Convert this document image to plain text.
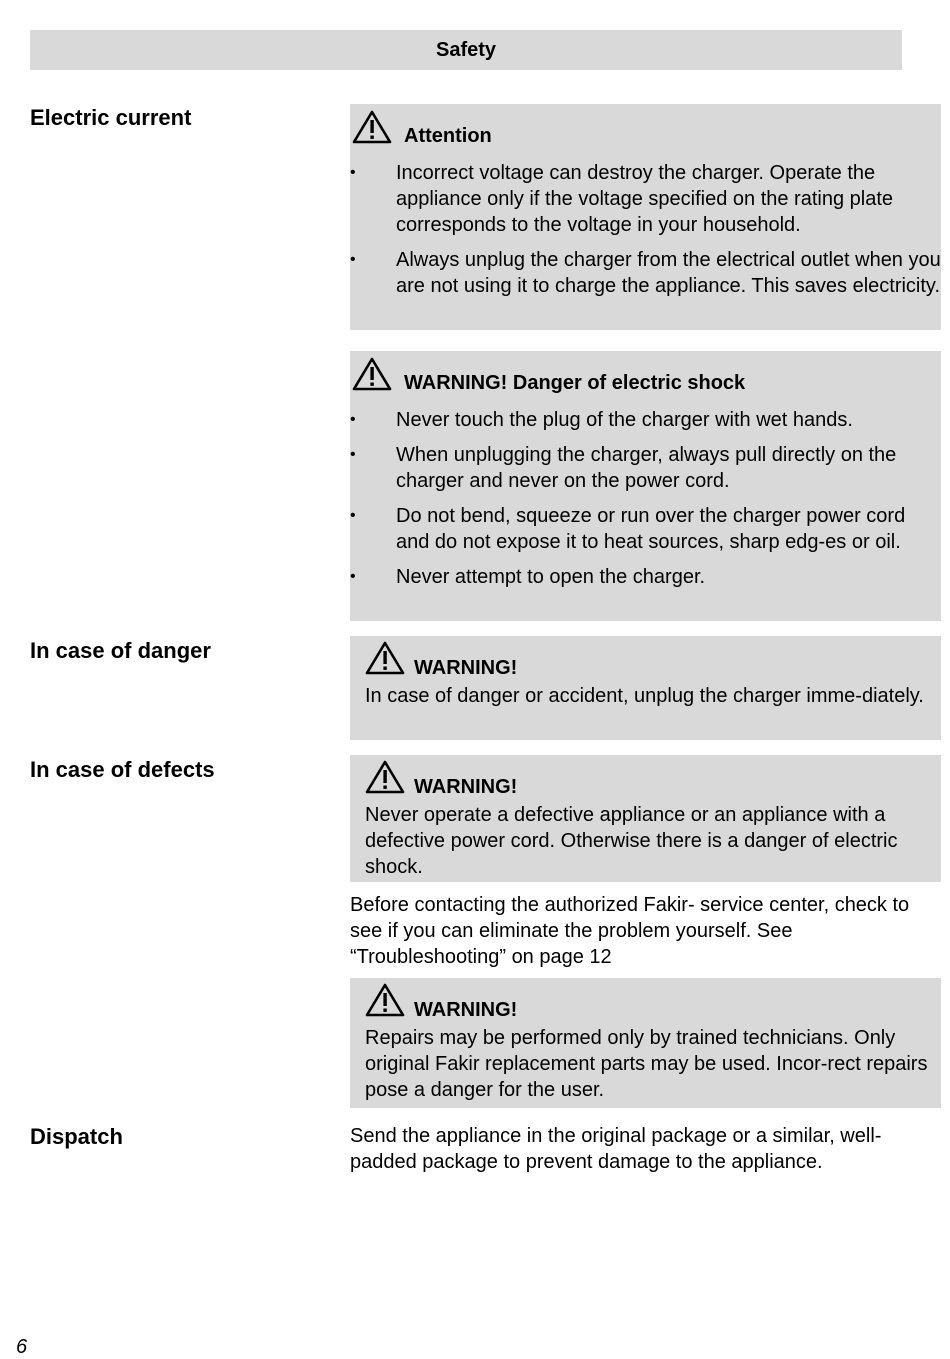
Safety
Electric current
In case of danger
In case of defects
Dispatch
Attention
• Incorrect voltage can destroy the charger. Operate the appliance only if the voltage specified on the rating plate corresponds to the voltage in your household.
• Always unplug the charger from the electrical outlet when you are not using it to charge the appliance. This saves electricity.
WARNING! Danger of electric shock
• Never touch the plug of the charger with wet hands.
• When unplugging the charger, always pull directly on the charger and never on the power cord.
• Do not bend, squeeze or run over the charger power cord and do not expose it to heat sources, sharp edg-es or oil.
• Never attempt to open the charger.
WARNING!
In case of danger or accident, unplug the charger imme-diately.
WARNING!
Never operate a defective appliance or an appliance with a defective power cord. Otherwise there is a danger of electric shock.
Before contacting the authorized Fakir- service center, check to see if you can eliminate the problem yourself. See “Troubleshooting” on page 12
WARNING!
Repairs may be performed only by trained technicians. Only original Fakir replacement parts may be used. Incor-rect repairs pose a danger for the user.
Send the appliance in the original package or a similar, well-padded package to prevent damage to the appliance.
6
